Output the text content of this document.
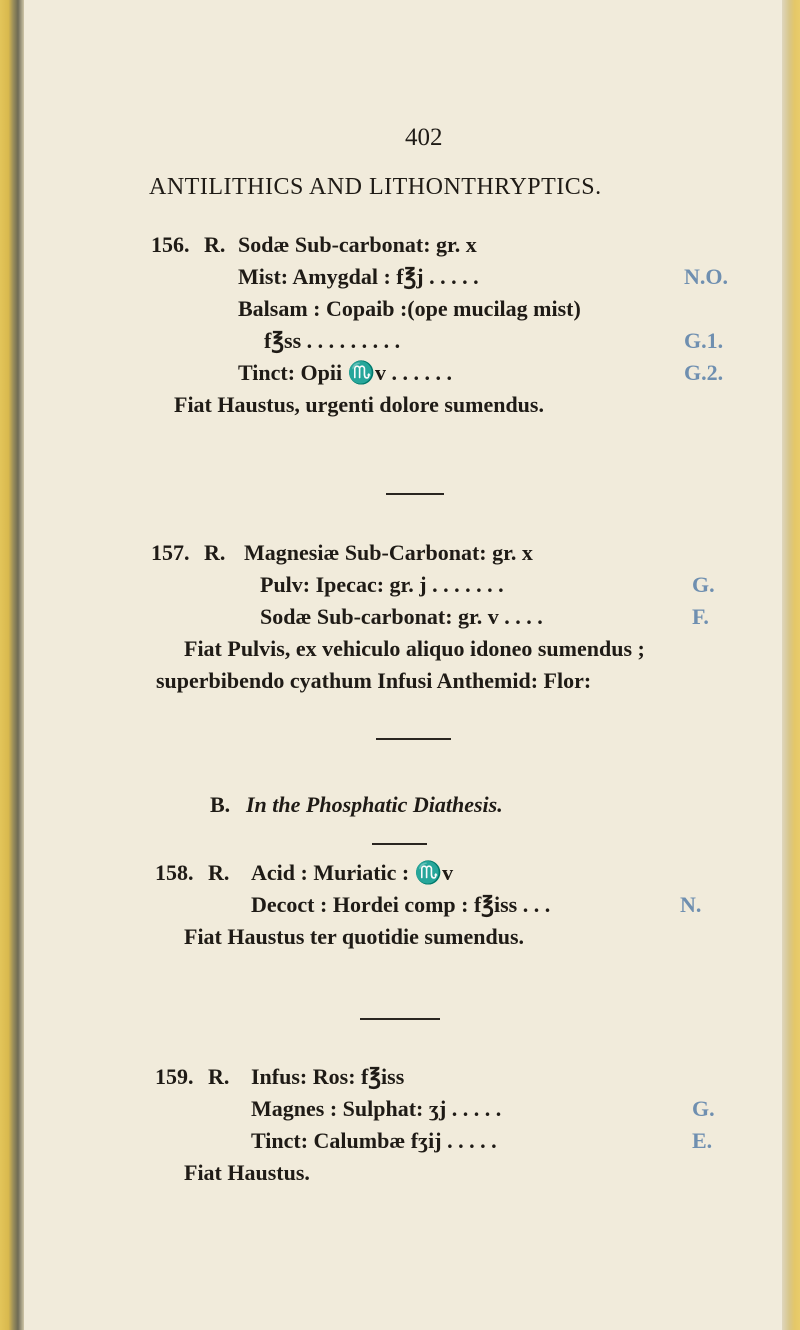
402
ANTILITHICS AND LITHONTHRYPTICS.
156. R. Sodæ Sub-carbonat: gr. x
Mist: Amygdal : f℥j . . . . .	N.O.
Balsam : Copaib :(ope mucilag mist)
f℥ss . . . . . . . . .	G.1.
Tinct: Opii ♏v . . . . . .	G.2.
Fiat Haustus, urgenti dolore sumendus.
157. R. Magnesiæ Sub-Carbonat: gr. x
Pulv: Ipecac: gr. j . . . . . . .	G.
Sodæ Sub-carbonat: gr. v . . . .	F.
Fiat Pulvis, ex vehiculo aliquo idoneo sumendus ;
superbibendo cyathum Infusi Anthemid: Flor:
B. In the Phosphatic Diathesis.
158. R. Acid : Muriatic : ♏v
Decoct : Hordei comp : f℥iss . . .	N.
Fiat Haustus ter quotidie sumendus.
159. R. Infus: Ros: f℥iss
Magnes : Sulphat: ʒj . . . . .	G.
Tinct: Calumbæ fʒij . . . . .	E.
Fiat Haustus.
